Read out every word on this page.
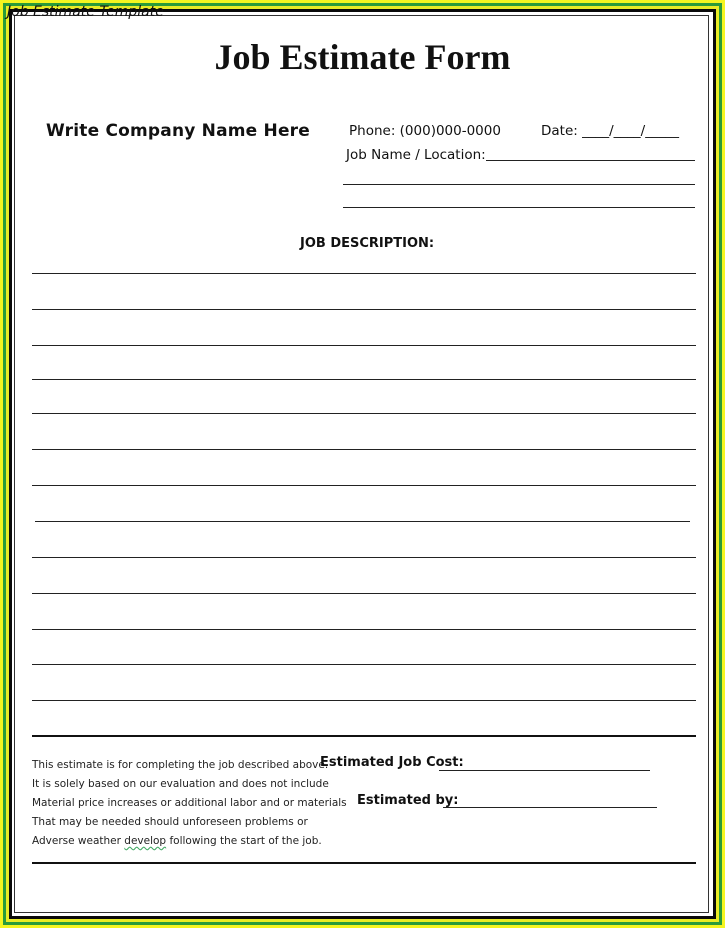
Job Estimate Template
Job Estimate Form
Write Company Name Here	Phone: (000)000-0000	Date: ____/____/_____
Job Name / Location:
JOB DESCRIPTION:
This estimate is for completing the job described above.
It is solely based on our evaluation and does not include
Material price increases or additional labor and or materials
That may be needed should unforeseen problems or
Adverse weather develop following the start of the job.
Estimated Job Cost:
Estimated by:
